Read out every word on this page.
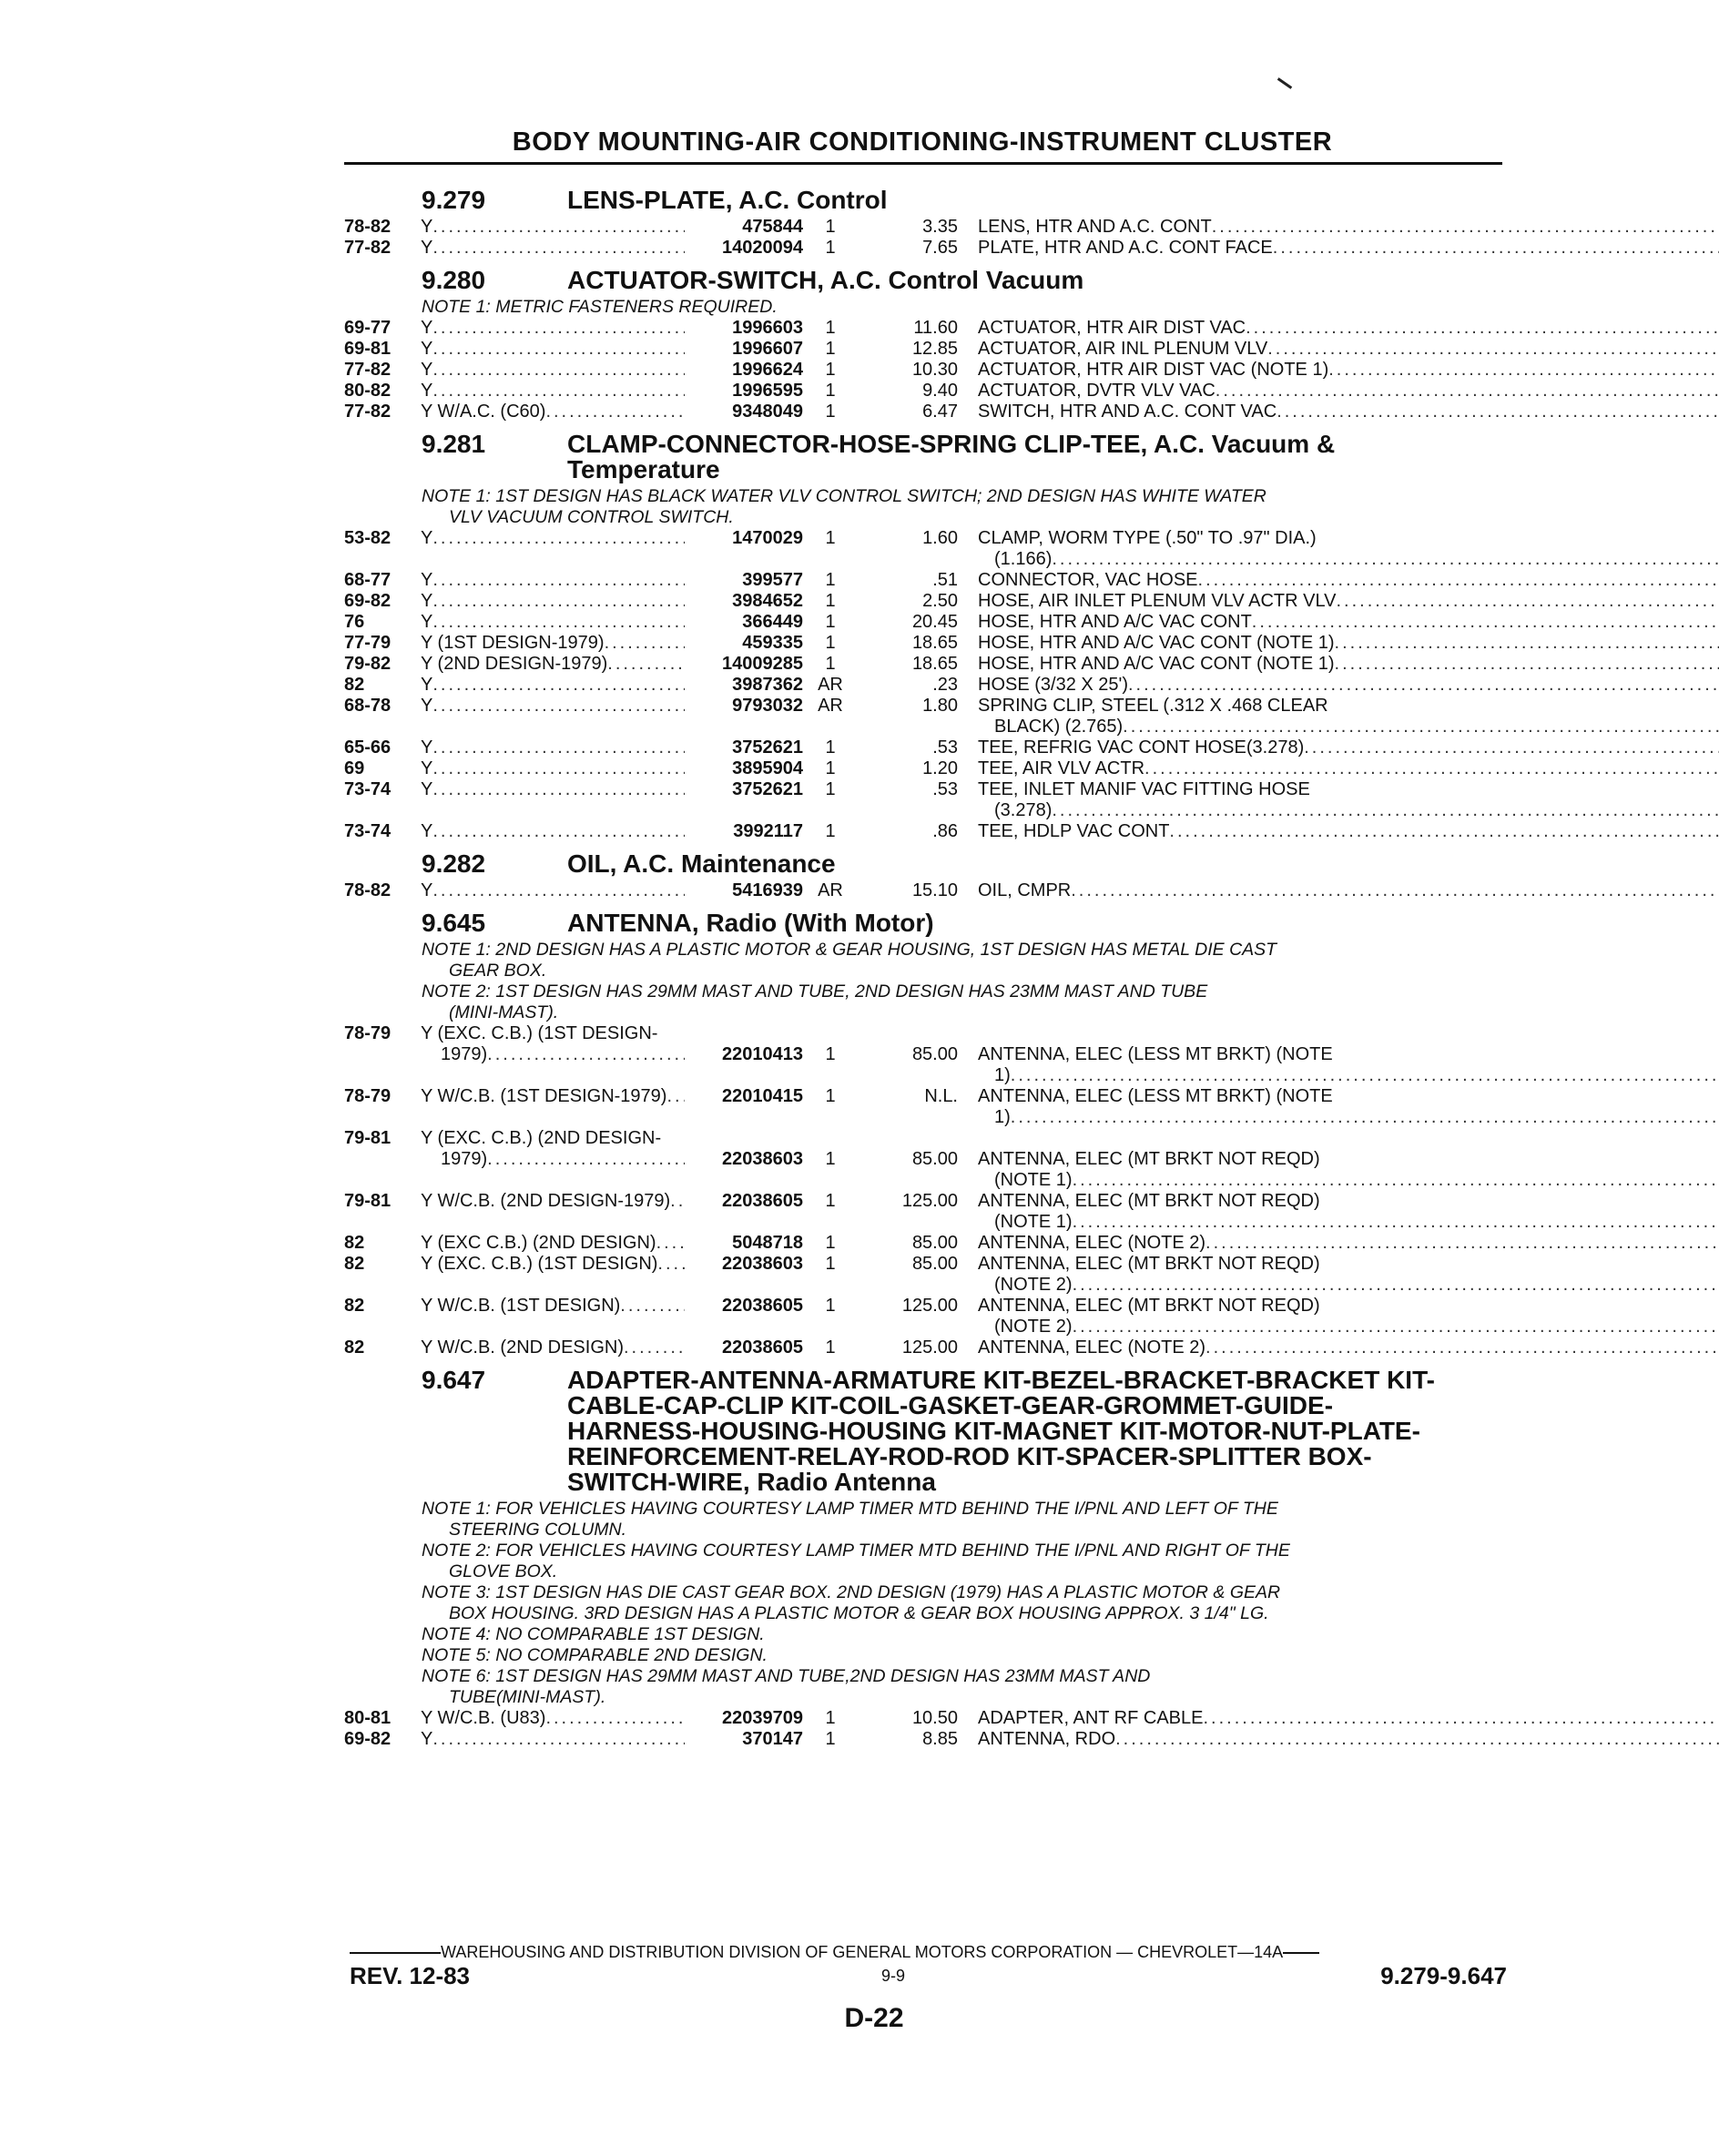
BODY MOUNTING-AIR CONDITIONING-INSTRUMENT CLUSTER
9.279	LENS-PLATE, A.C. Control
78-82	Y .....	475844	1	3.35 LENS, HTR AND A.C. CONT
.....
77-82	Y .....	14020094	1	7.65 PLATE, HTR AND A.C. CONT FACE
.....
9.280	ACTUATOR-SWITCH, A.C. Control Vacuum
NOTE 1: METRIC FASTENERS REQUIRED.
69-77	Y .....	1996603	1	11.60 ACTUATOR, HTR AIR DIST VAC
.....
69-81	Y .....	1996607	1	12.85 ACTUATOR, AIR INL PLENUM VLV
.....
77-82	Y .....	1996624	1	10.30 ACTUATOR, HTR AIR DIST VAC (NOTE 1)
.....
80-82	Y .....	1996595	1	9.40 ACTUATOR, DVTR VLV VAC
.....
77-82	Y W/A.C. (C60) .....	9348049	1	6.47 SWITCH, HTR AND A.C. CONT VAC
.....
9.281	CLAMP-CONNECTOR-HOSE-SPRING CLIP-TEE, A.C. Vacuum & Temperature
NOTE 1: 1ST DESIGN HAS BLACK WATER VLV CONTROL SWITCH; 2ND DESIGN HAS WHITE WATER
VLV VACUUM CONTROL SWITCH.
53-82	Y .....	1470029	1	1.60 CLAMP, WORM TYPE (.50" TO .97" DIA.)
(1.166)
.....
68-77	Y .....	399577	1	.51 CONNECTOR, VAC HOSE
.....
69-82	Y .....	3984652	1	2.50 HOSE, AIR INLET PLENUM VLV ACTR VLV
.....
76	Y .....	366449	1	20.45 HOSE, HTR AND A/C VAC CONT
.....
77-79	Y (1ST DESIGN-1979) .....	459335	1	18.65 HOSE, HTR AND A/C VAC CONT (NOTE 1)
.....
79-82	Y (2ND DESIGN-1979) .....	14009285	1	18.65 HOSE, HTR AND A/C VAC CONT (NOTE 1)
.....
82	Y .....	3987362 AR	.23 HOSE (3/32 X 25')
.....
68-78	Y .....	9793032 AR	1.80 SPRING CLIP, STEEL (.312 X .468 CLEAR
BLACK) (2.765)
.....
65-66	Y .....	3752621	1	.53 TEE, REFRIG VAC CONT HOSE(3.278)
.....
69	Y .....	3895904	1	1.20 TEE, AIR VLV ACTR
.....
73-74	Y .....	3752621	1	.53 TEE, INLET MANIF VAC FITTING HOSE
(3.278)
.....
73-74	Y .....	3992117	1	.86 TEE, HDLP VAC CONT
.....
9.282	OIL, A.C. Maintenance
78-82	Y .....	5416939 AR	15.10 OIL, CMPR
.....
9.645	ANTENNA, Radio (With Motor)
NOTE 1: 2ND DESIGN HAS A PLASTIC MOTOR & GEAR HOUSING, 1ST DESIGN HAS METAL DIE CAST
GEAR BOX.
NOTE 2: 1ST DESIGN HAS 29MM MAST AND TUBE, 2ND DESIGN HAS 23MM MAST AND TUBE
(MINI-MAST).
78-79	Y (EXC. C.B.) (1ST DESIGN-
1979) .....	22010413	1	85.00 ANTENNA, ELEC (LESS MT BRKT) (NOTE
1)
.....
78-79	Y W/C.B. (1ST DESIGN-1979) .....	22010415	1	N.L. ANTENNA, ELEC (LESS MT BRKT) (NOTE
1)
.....
79-81	Y (EXC. C.B.) (2ND DESIGN-
1979) .....	22038603	1	85.00 ANTENNA, ELEC (MT BRKT NOT REQD)
(NOTE 1)
.....
79-81	Y W/C.B. (2ND DESIGN-1979) .....	22038605	1	125.00 ANTENNA, ELEC (MT BRKT NOT REQD)
(NOTE 1)
.....
82	Y (EXC C.B.) (2ND DESIGN) .....	5048718	1	85.00 ANTENNA, ELEC (NOTE 2)
.....
82	Y (EXC. C.B.) (1ST DESIGN) .....	22038603	1	85.00 ANTENNA, ELEC (MT BRKT NOT REQD)
(NOTE 2)
.....
82	Y W/C.B. (1ST DESIGN) .....	22038605	1	125.00 ANTENNA, ELEC (MT BRKT NOT REQD)
(NOTE 2)
.....
82	Y W/C.B. (2ND DESIGN) .....	22038605	1	125.00 ANTENNA, ELEC (NOTE 2)
.....
9.647	ADAPTER-ANTENNA-ARMATURE KIT-BEZEL-BRACKET-BRACKET KIT-CABLE-CAP-CLIP KIT-COIL-GASKET-GEAR-GROMMET-GUIDE-HARNESS-HOUSING-HOUSING KIT-MAGNET KIT-MOTOR-NUT-PLATE-REINFORCEMENT-RELAY-ROD-ROD KIT-SPACER-SPLITTER BOX-SWITCH-WIRE, Radio Antenna
NOTE 1: FOR VEHICLES HAVING COURTESY LAMP TIMER MTD BEHIND THE I/PNL AND LEFT OF THE
STEERING COLUMN.
NOTE 2: FOR VEHICLES HAVING COURTESY LAMP TIMER MTD BEHIND THE I/PNL AND RIGHT OF THE
GLOVE BOX.
NOTE 3: 1ST DESIGN HAS DIE CAST GEAR BOX. 2ND DESIGN (1979) HAS A PLASTIC MOTOR & GEAR
BOX HOUSING. 3RD DESIGN HAS A PLASTIC MOTOR & GEAR BOX HOUSING APPROX. 3 1/4" LG.
NOTE 4: NO COMPARABLE 1ST DESIGN.
NOTE 5: NO COMPARABLE 2ND DESIGN.
NOTE 6: 1ST DESIGN HAS 29MM MAST AND TUBE,2ND DESIGN HAS 23MM MAST AND
TUBE(MINI-MAST).
80-81	Y W/C.B. (U83) .....	22039709	1	10.50 ADAPTER, ANT RF CABLE
.....
69-82	Y .....	370147	1	8.85 ANTENNA, RDO
.....
WAREHOUSING AND DISTRIBUTION DIVISION OF GENERAL MOTORS CORPORATION — CHEVROLET—14A
REV. 12-83	9-9	9.279-9.647
D-22
